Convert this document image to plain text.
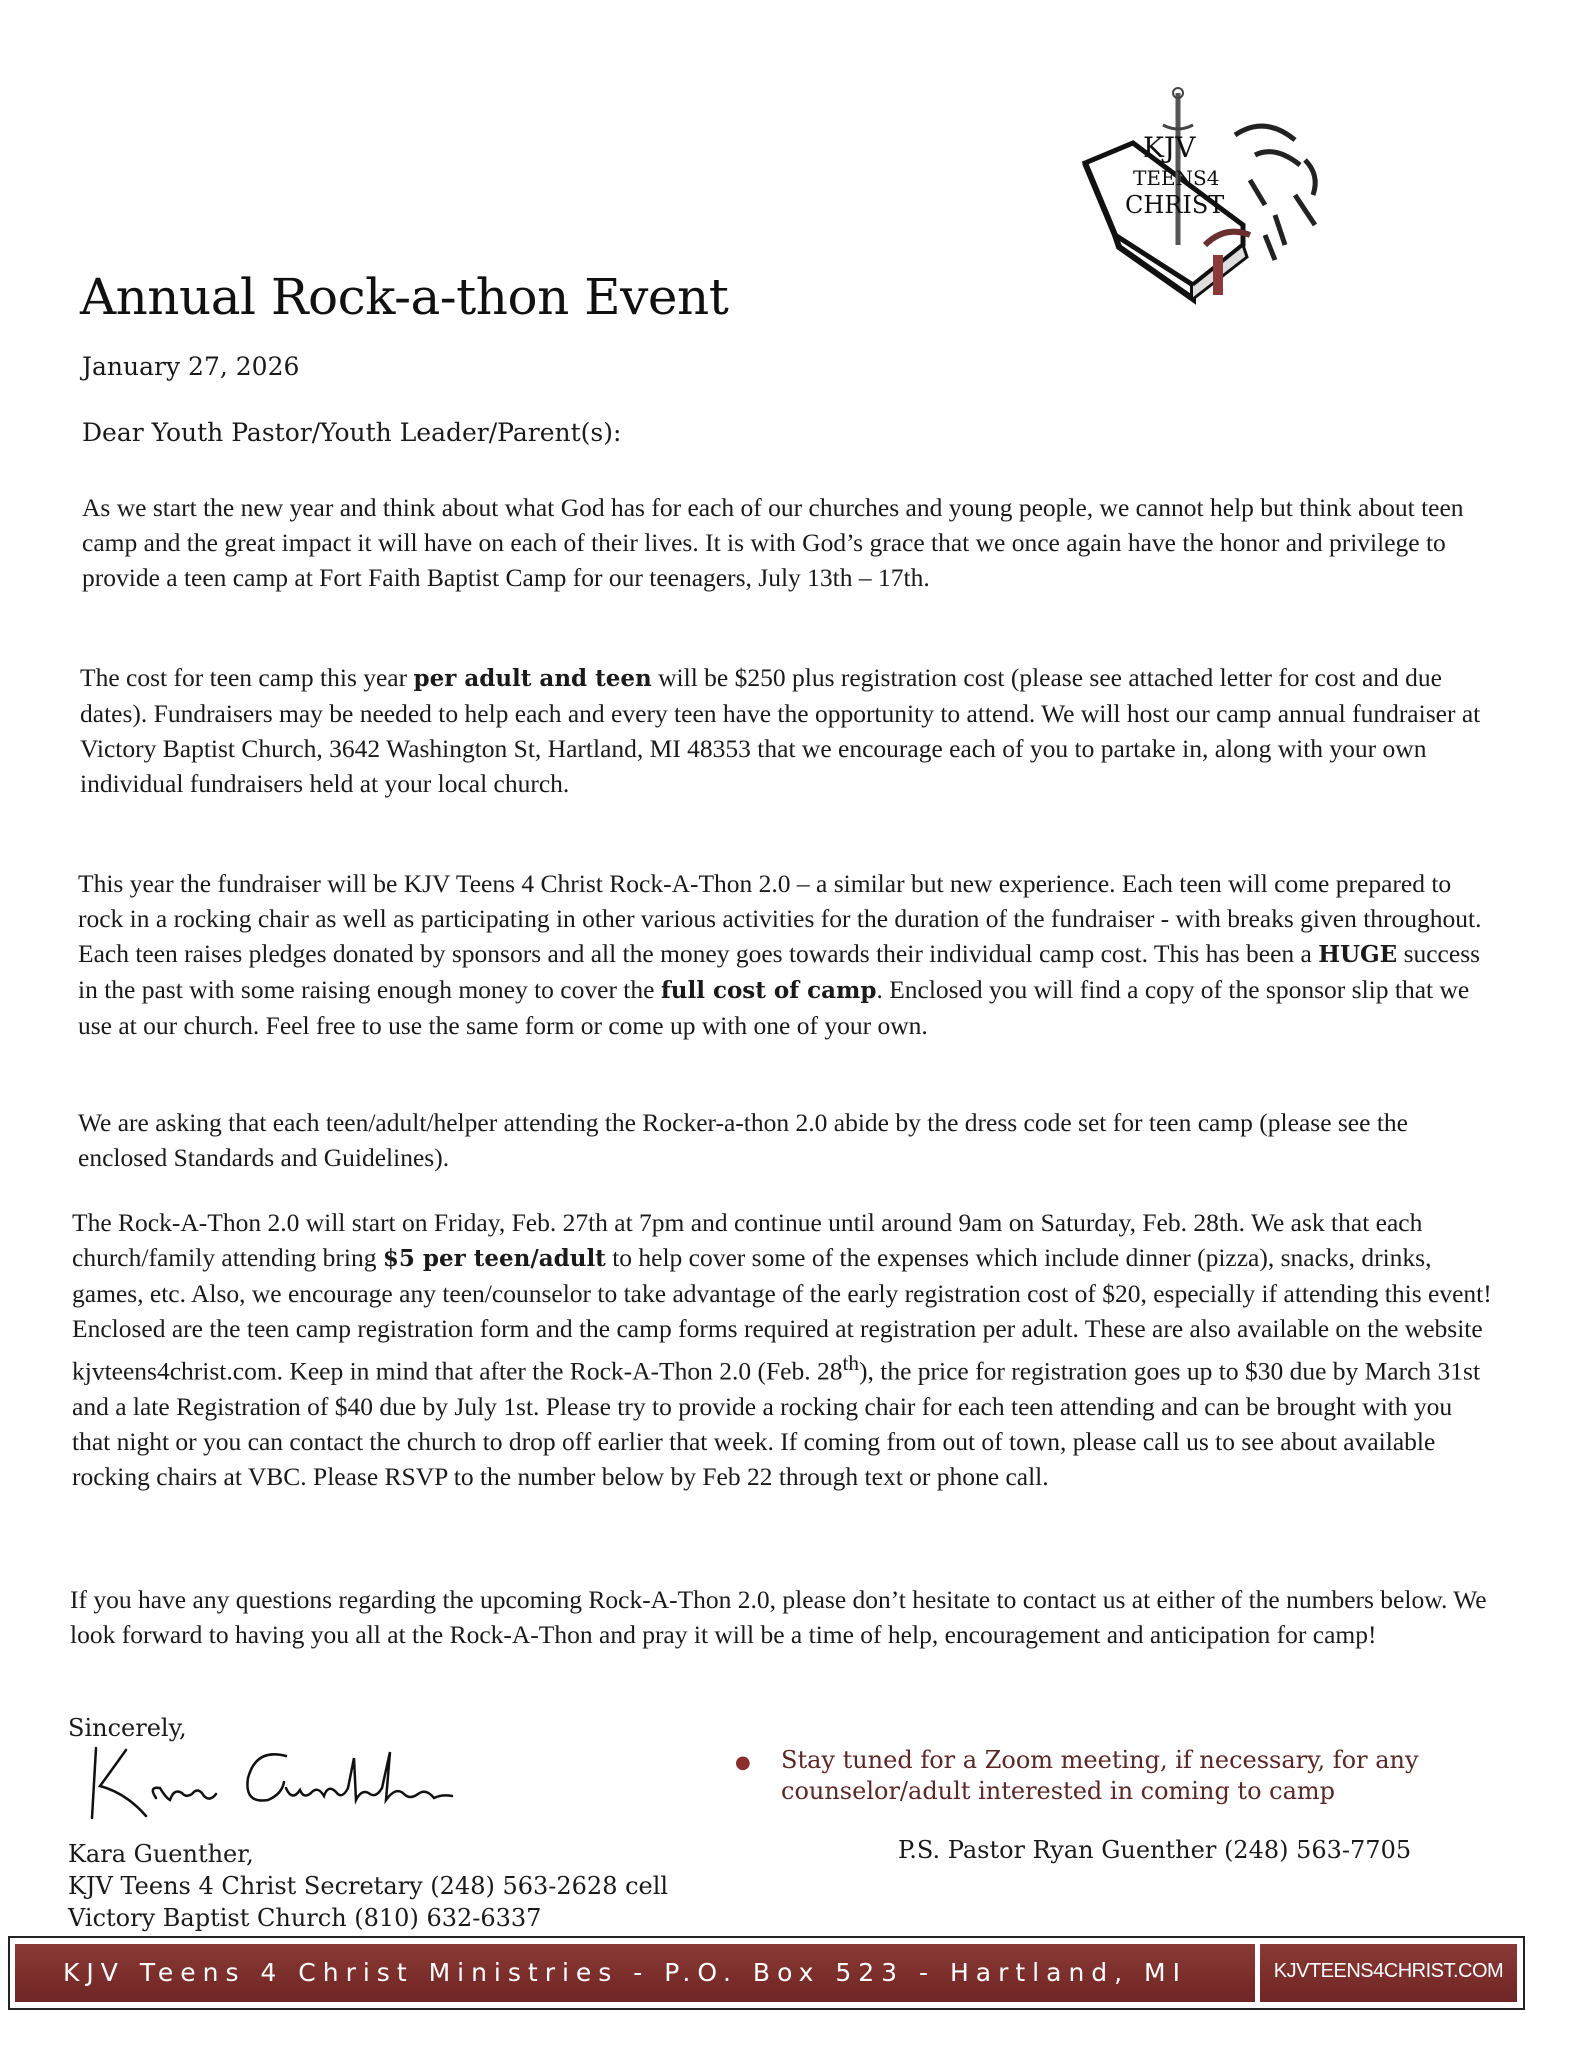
KJV
TEENS4
CHRIST
Annual Rock-a-thon Event
January 27, 2026
Dear Youth Pastor/Youth Leader/Parent(s):

As we start the new year and think about what God has for each of our churches and young people, we cannot help but think about teen camp and the great impact it will have on each of their lives. It is with God’s grace that we once again have the honor and privilege to provide a teen camp at Fort Faith Baptist Camp for our teenagers, July 13th – 17th.

The cost for teen camp this year per adult and teen will be $250 plus registration cost (please see attached letter for cost and due dates). Fundraisers may be needed to help each and every teen have the opportunity to attend. We will host our camp annual fundraiser at Victory Baptist Church, 3642 Washington St, Hartland, MI 48353 that we encourage each of you to partake in, along with your own individual fundraisers held at your local church.

This year the fundraiser will be KJV Teens 4 Christ Rock-A-Thon 2.0 – a similar but new experience. Each teen will come prepared to rock in a rocking chair as well as participating in other various activities for the duration of the fundraiser - with breaks given throughout. Each teen raises pledges donated by sponsors and all the money goes towards their individual camp cost. This has been a HUGE success in the past with some raising enough money to cover the full cost of camp. Enclosed you will find a copy of the sponsor slip that we use at our church. Feel free to use the same form or come up with one of your own.

We are asking that each teen/adult/helper attending the Rocker-a-thon 2.0 abide by the dress code set for teen camp (please see the enclosed Standards and Guidelines).

The Rock-A-Thon 2.0 will start on Friday, Feb. 27th at 7pm and continue until around 9am on Saturday, Feb. 28th. We ask that each church/family attending bring $5 per teen/adult to help cover some of the expenses which include dinner (pizza), snacks, drinks, games, etc. Also, we encourage any teen/counselor to take advantage of the early registration cost of $20, especially if attending this event! Enclosed are the teen camp registration form and the camp forms required at registration per adult. These are also available on the website kjvteens4christ.com. Keep in mind that after the Rock-A-Thon 2.0 (Feb. 28th), the price for registration goes up to $30 due by March 31st and a late Registration of $40 due by July 1st. Please try to provide a rocking chair for each teen attending and can be brought with you that night or you can contact the church to drop off earlier that week. If coming from out of town, please call us to see about available rocking chairs at VBC. Please RSVP to the number below by Feb 22 through text or phone call.

If you have any questions regarding the upcoming Rock-A-Thon 2.0, please don’t hesitate to contact us at either of the numbers below. We look forward to having you all at the Rock-A-Thon and pray it will be a time of help, encouragement and anticipation for camp!

Sincerely,
Kara Guenther,
KJV Teens 4 Christ Secretary (248) 563-2628 cell
Victory Baptist Church (810) 632-6337
●	Stay tuned for a Zoom meeting, if necessary, for any counselor/adult interested in coming to camp
P.S. Pastor Ryan Guenther (248) 563-7705
KJV Teens 4 Christ Ministries - P.O. Box 523 - Hartland, MI	KJVTEENS4CHRIST.COM
